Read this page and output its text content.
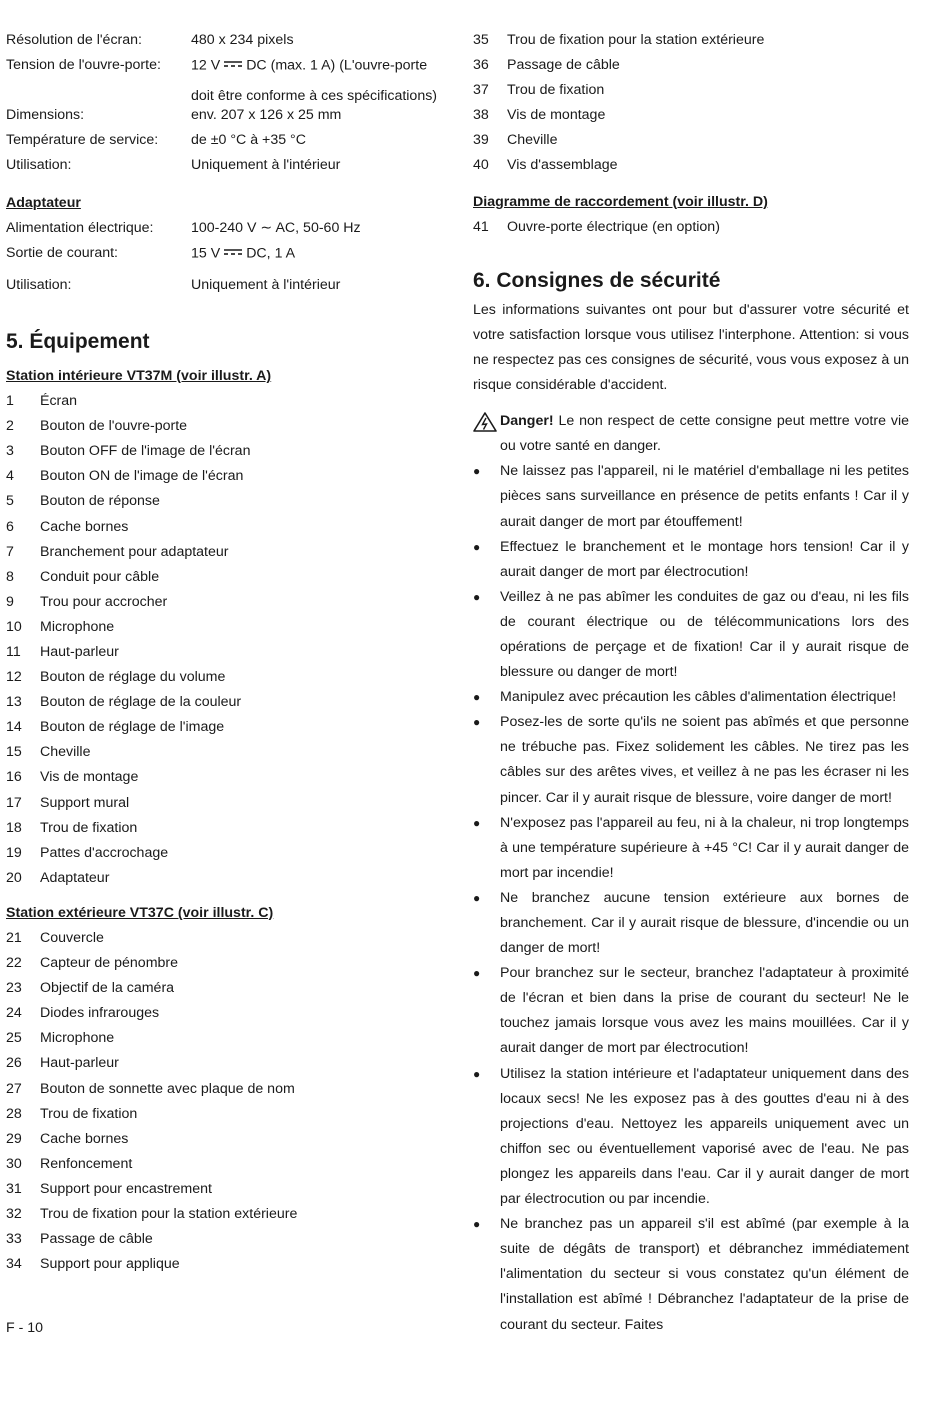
Résolution de l'écran:	480 x 234 pixels
Tension de l'ouvre-porte:	12 V DC (max. 1 A) (L'ouvre-porte
doit être conforme à ces spécifications)
Dimensions:	env. 207 x 126 x 25 mm
Température de service:	de ±0 °C à +35 °C
Utilisation:	Uniquement à l'intérieur
Adaptateur
Alimentation électrique:	100-240 V ∼ AC, 50-60 Hz
Sortie de courant:	15 V DC, 1 A
Utilisation:	Uniquement à l'intérieur
5. Équipement
Station intérieure VT37M (voir illustr. A)
1	Écran
2	Bouton de l'ouvre-porte
3	Bouton OFF de l'image de l'écran
4	Bouton ON de l'image de l'écran
5	Bouton de réponse
6	Cache bornes
7	Branchement pour adaptateur
8	Conduit pour câble
9	Trou pour accrocher
10	Microphone
11	Haut-parleur
12	Bouton de réglage du volume
13	Bouton de réglage de la couleur
14	Bouton de réglage de l'image
15	Cheville
16	Vis de montage
17	Support mural
18	Trou de fixation
19	Pattes d'accrochage
20	Adaptateur
Station extérieure VT37C (voir illustr. C)
21	Couvercle
22	Capteur de pénombre
23	Objectif de la caméra
24	Diodes infrarouges
25	Microphone
26	Haut-parleur
27	Bouton de sonnette avec plaque de nom
28	Trou de fixation
29	Cache bornes
30	Renfoncement
31	Support pour encastrement
32	Trou de fixation pour la station extérieure
33	Passage de câble
34	Support pour applique
35	Trou de fixation pour la station extérieure
36	Passage de câble
37	Trou de fixation
38	Vis de montage
39	Cheville
40	Vis d'assemblage
Diagramme de raccordement (voir illustr. D)
41	Ouvre-porte électrique (en option)
6. Consignes de sécurité
Les informations suivantes ont pour but d'assurer votre sécurité et votre satisfaction lorsque vous utilisez l'interphone. Attention: si vous ne respectez pas ces consignes de sécurité, vous vous exposez à un risque considérable d'accident.
Danger! Le non respect de cette consigne peut mettre votre vie ou votre santé en danger.
●	Ne laissez pas l'appareil, ni le matériel d'emballage ni les petites pièces sans surveillance en présence de petits enfants ! Car il y aurait danger de mort par étouffement!
●	Effectuez le branchement et le montage hors tension! Car il y aurait danger de mort par électrocution!
●	Veillez à ne pas abîmer les conduites de gaz ou d'eau, ni les fils de courant électrique ou de télécommunications lors des opérations de perçage et de fixation! Car il y aurait risque de blessure ou danger de mort!
●	Manipulez avec précaution les câbles d'alimentation électrique!
●	Posez-les de sorte qu'ils ne soient pas abîmés et que personne ne trébuche pas. Fixez solidement les câbles. Ne tirez pas les câbles sur des arêtes vives, et veillez à ne pas les écraser ni les pincer. Car il y aurait risque de blessure, voire danger de mort!
●	N'exposez pas l'appareil au feu, ni à la chaleur, ni trop longtemps à une température supérieure à +45 °C! Car il y aurait danger de mort par incendie!
●	Ne branchez aucune tension extérieure aux bornes de branchement. Car il y aurait risque de blessure, d'incendie ou un danger de mort!
●	Pour branchez sur le secteur, branchez l'adaptateur à proximité de l'écran et bien dans la prise de courant du secteur! Ne le touchez jamais lorsque vous avez les mains mouillées. Car il y aurait danger de mort par électrocution!
●	Utilisez la station intérieure et l'adaptateur uniquement dans des locaux secs! Ne les exposez pas à des gouttes d'eau ni à des projections d'eau. Nettoyez les appareils uniquement avec un chiffon sec ou éventuellement vaporisé avec de l'eau. Ne pas plongez les appareils dans l'eau. Car il y aurait danger de mort par électrocution ou par incendie.
●	Ne branchez pas un appareil s'il est abîmé (par exemple à la suite de dégâts de transport) et débranchez immédiatement l'alimentation du secteur si vous constatez qu'un élément de l'installation est abîmé ! Débranchez l'adaptateur de la prise de courant du secteur. Faites
F - 10
